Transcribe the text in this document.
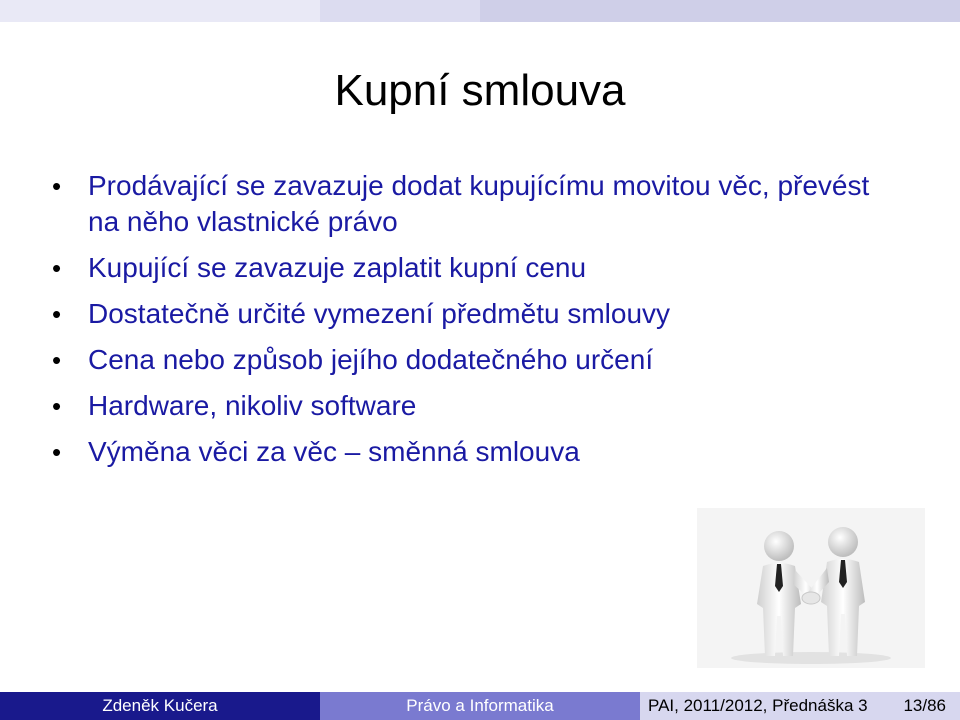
Kupní smlouva
• Prodávající se zavazuje dodat kupujícímu movitou věc, převést na něho vlastnické právo
• Kupující se zavazuje zaplatit kupní cenu
• Dostatečně určité vymezení předmětu smlouvy
• Cena nebo způsob jejího dodatečného určení
• Hardware, nikoliv software
• Výměna věci za věc – směnná smlouva
Zdeněk Kučera	Právo a Informatika	PAI, 2011/2012, Přednáška 3 13/86
